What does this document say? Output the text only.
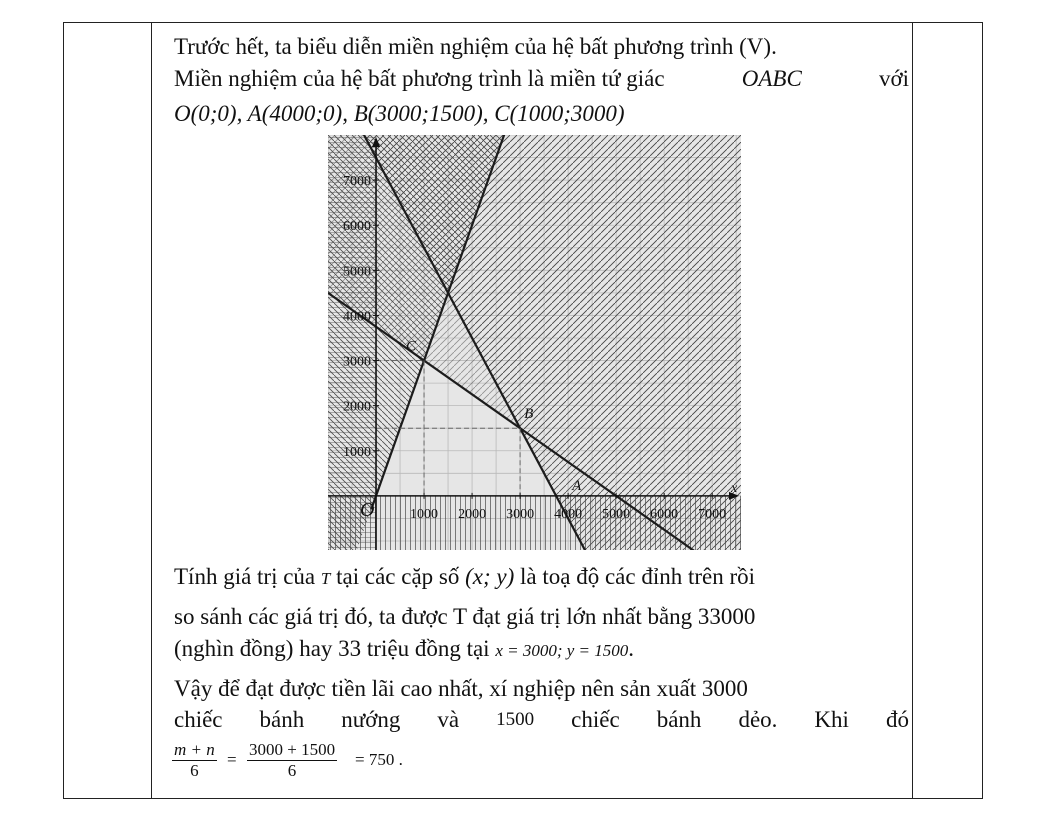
Trước hết, ta biểu diễn miền nghiệm của hệ bất phương trình (V).
Miền nghiệm của hệ bất phương trình là miền tứ giác	OABC	với
O(0;0), A(4000;0), B(3000;1500), C(1000;3000)
x
1000 2000 3000 4000 5000 6000 7000
1000
2000
3000
4000
5000
6000
7000
O
A
B
C
Tính giá trị của T tại các cặp số (x; y) là toạ độ các đỉnh trên rồi
so sánh các giá trị đó, ta được T đạt giá trị lớn nhất bằng 33000
(nghìn đồng) hay 33 triệu đồng tại x = 3000; y = 1500.
Vậy để đạt được tiền lãi cao nhất, xí nghiệp nên sản xuất 3000
chiếc bánh nướng và 1500 chiếc bánh dẻo. Khi đó
$\frac{m + n}{6} = \frac{3000 + 1500}{6} = 750$ .
